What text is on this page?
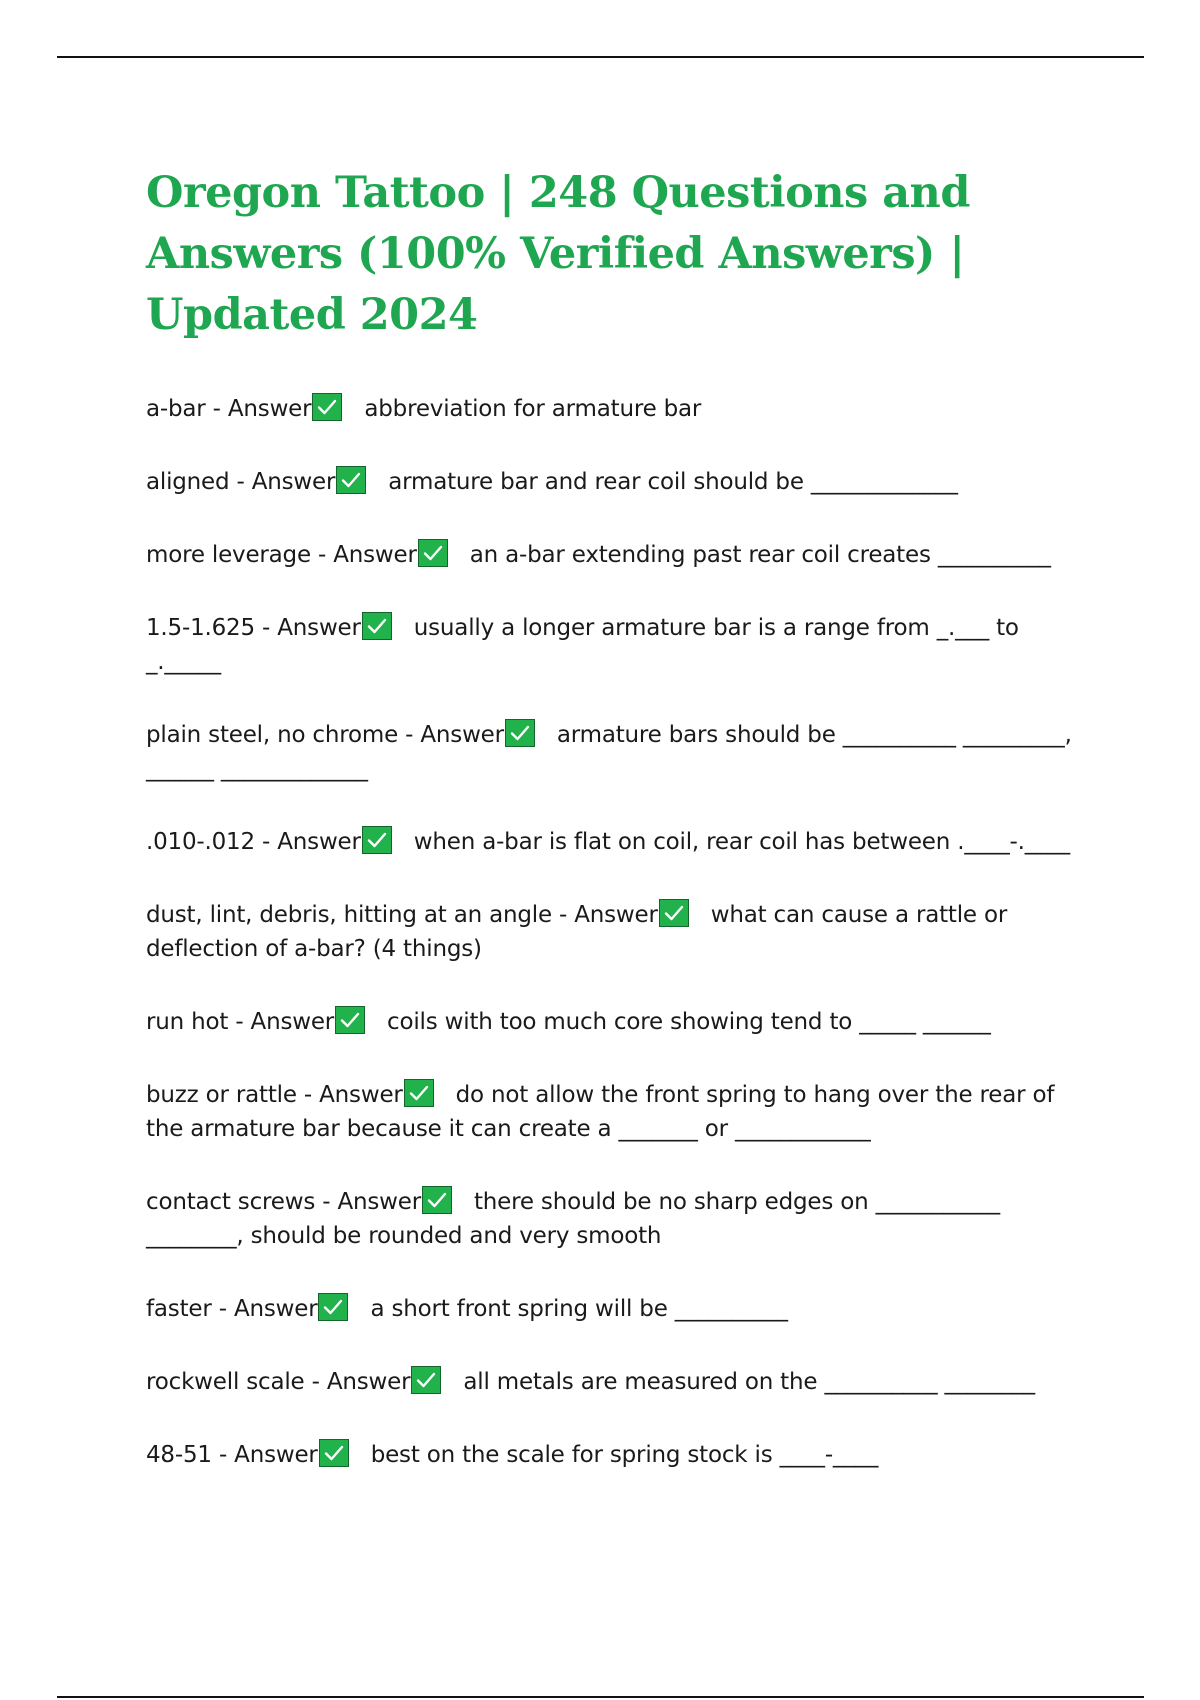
Oregon Tattoo | 248 Questions and Answers (100% Verified Answers) | Updated 2024
a-bar - Answer abbreviation for armature bar
aligned - Answer armature bar and rear coil should be _____________
more leverage - Answer an a-bar extending past rear coil creates __________
1.5-1.625 - Answer usually a longer armature bar is a range from _.___ to _._____
plain steel, no chrome - Answer armature bars should be __________ _________, ______ _____________
.010-.012 - Answer when a-bar is flat on coil, rear coil has between .____-.____
dust, lint, debris, hitting at an angle - Answer what can cause a rattle or deflection of a-bar? (4 things)
run hot - Answer coils with too much core showing tend to _____ ______
buzz or rattle - Answer do not allow the front spring to hang over the rear of the armature bar because it can create a _______ or ____________
contact screws - Answer there should be no sharp edges on ___________ ________, should be rounded and very smooth
faster - Answer a short front spring will be __________
rockwell scale - Answer all metals are measured on the __________ ________
48-51 - Answer best on the scale for spring stock is ____-____
